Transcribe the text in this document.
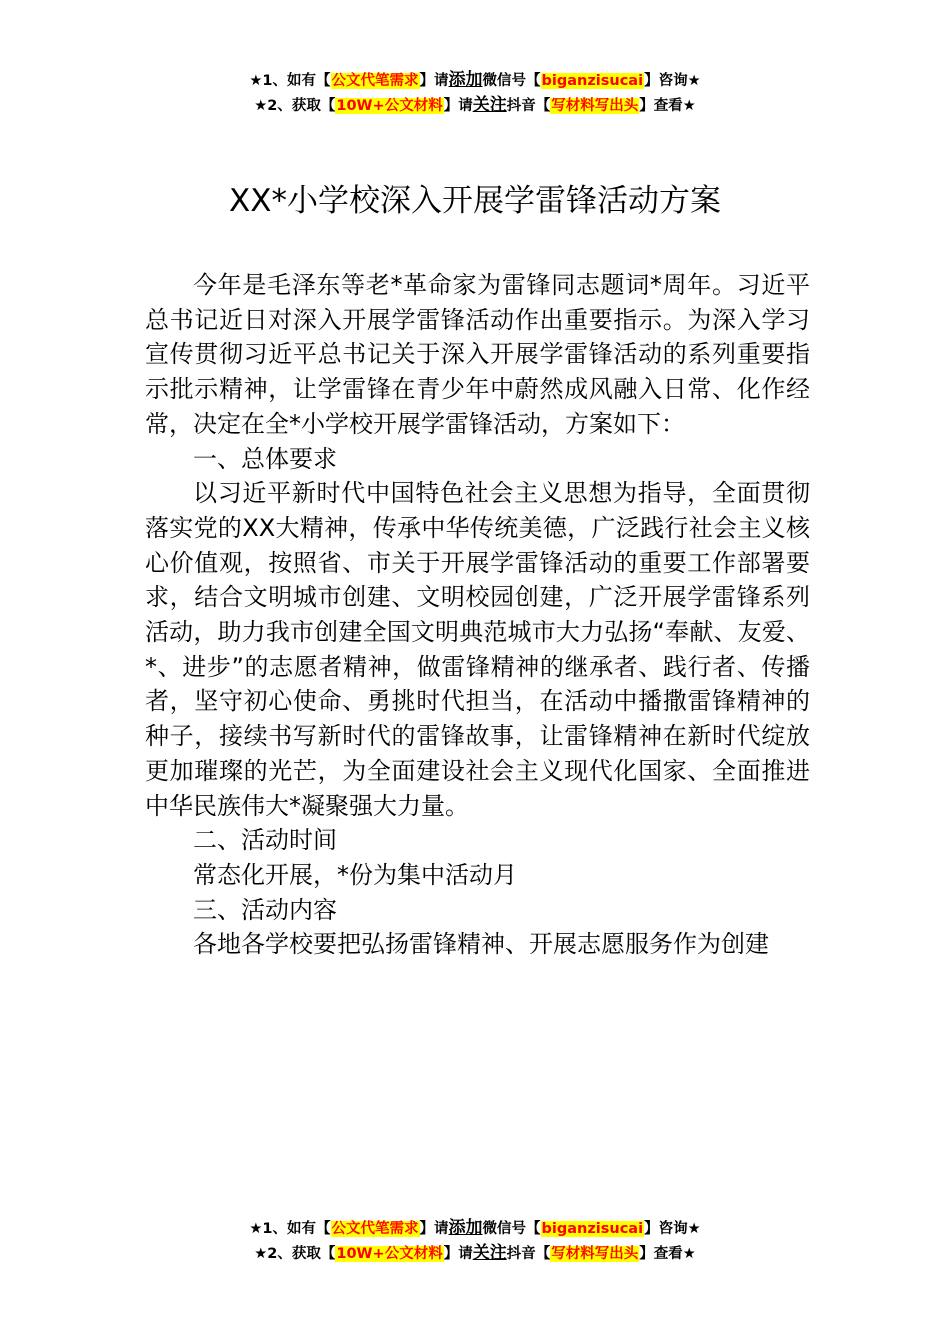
★1、如有【公文代笔需求】请添加微信号【biganzisucai】咨询★
★2、获取【10W+公文材料】请关注抖音【写材料写出头】查看★
XX*小学校深入开展学雷锋活动方案

今年是毛泽东等老*革命家为雷锋同志题词*周年。习近平总书记近日对深入开展学雷锋活动作出重要指示。为深入学习宣传贯彻习近平总书记关于深入开展学雷锋活动的系列重要指示批示精神，让学雷锋在青少年中蔚然成风融入日常、化作经常，决定在全*小学校开展学雷锋活动，方案如下：

一、总体要求

以习近平新时代中国特色社会主义思想为指导，全面贯彻落实党的XX大精神，传承中华传统美德，广泛践行社会主义核心价值观，按照省、市关于开展学雷锋活动的重要工作部署要求，结合文明城市创建、文明校园创建，广泛开展学雷锋系列活动，助力我市创建全国文明典范城市大力弘扬“奉献、友爱、*、进步”的志愿者精神，做雷锋精神的继承者、践行者、传播者，坚守初心使命、勇挑时代担当，在活动中播撒雷锋精神的种子，接续书写新时代的雷锋故事，让雷锋精神在新时代绽放更加璀璨的光芒，为全面建设社会主义现代化国家、全面推进中华民族伟大*凝聚强大力量。

二、活动时间

常态化开展，*份为集中活动月

三、活动内容

各地各学校要把弘扬雷锋精神、开展志愿服务作为创建

★1、如有【公文代笔需求】请添加微信号【biganzisucai】咨询★
★2、获取【10W+公文材料】请关注抖音【写材料写出头】查看★
